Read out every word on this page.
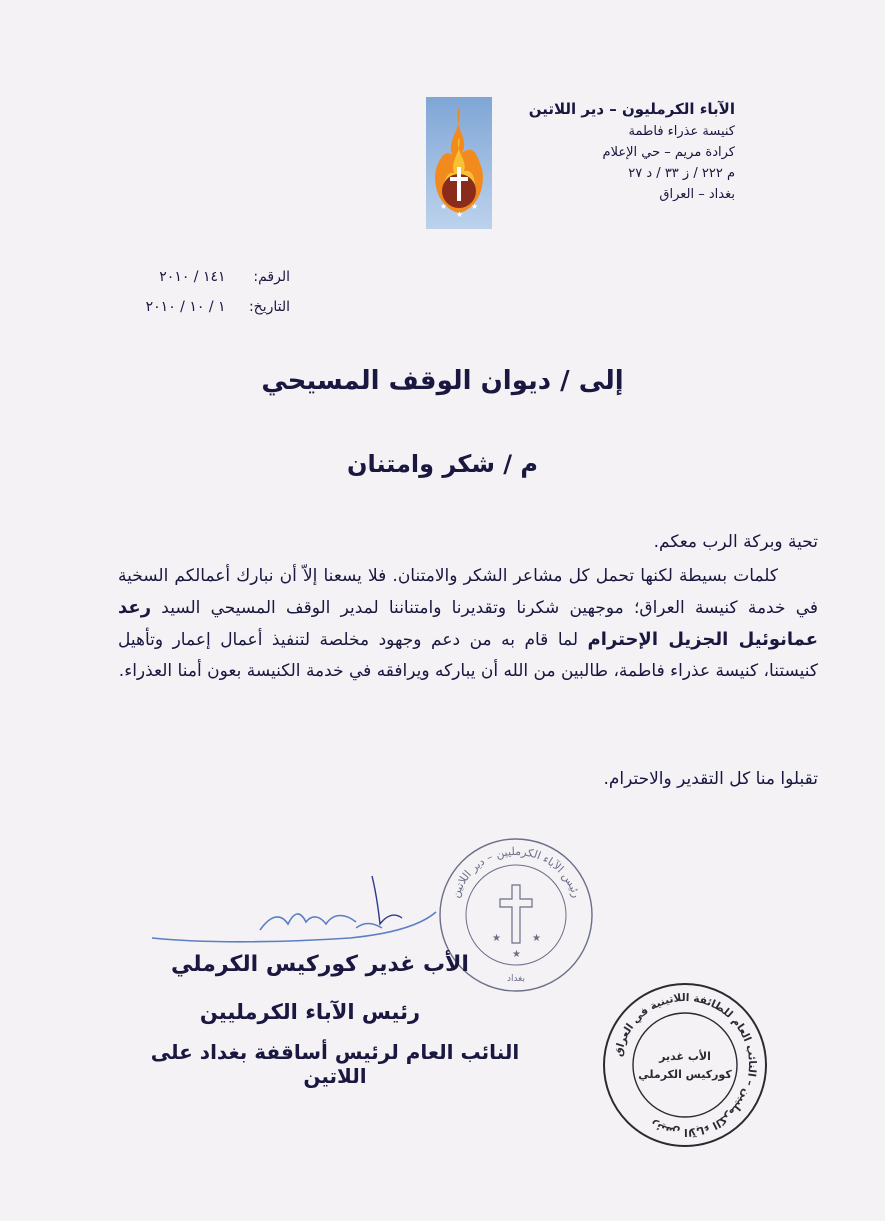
الآباء الكرمليون – دير اللاتين
كنيسة عذراء فاطمة
كرادة مريم – حي الإعلام
م ٢٢٢ / ز ٣٣ / د ٢٧
بغداد – العراق
★	★
★
الرقم: ١٤١ / ٢٠١٠
التاريخ: ١ / ١٠ / ٢٠١٠
إلى / ديوان الوقف المسيحي
م / شكر وامتنان
تحية وبركة الرب معكم.

كلمات بسيطة لكنها تحمل كل مشاعر الشكر والامتنان. فلا يسعنا إلاّ أن نبارك أعمالكم السخية في خدمة كنيسة العراق؛ موجهين شكرنا وتقديرنا وامتناننا لمدير الوقف المسيحي السيد رعد عمانوئيل الجزيل الإحترام لما قام به من دعم وجهود مخلصة لتنفيذ أعمال إعمار وتأهيل كنيستنا، كنيسة عذراء فاطمة، طالبين من الله أن يباركه ويرافقه في خدمة الكنيسة بعون أمنا العذراء.

تقبلوا منا كل التقدير والاحترام.
رئيس الآباء الكرمليين – دير اللاتين
★	★
★
بغداد
الأب غدير كوركيس الكرملي
رئيس الآباء الكرمليين
النائب العام لرئيس أساقفة بغداد على اللاتين
رئيس الآباء الكرمليين – النائب العام للطائفة اللاتينية في العراق
الأب غدير
كوركيس الكرملي
